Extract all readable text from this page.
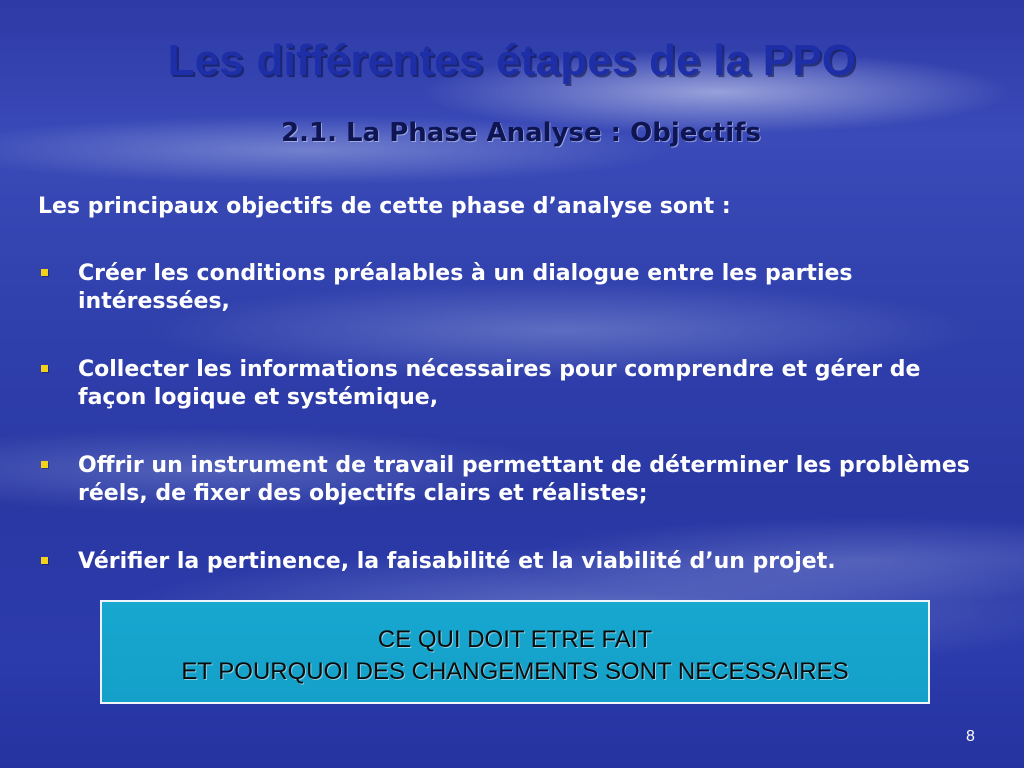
Les différentes étapes de la PPO
2.1. La Phase Analyse : Objectifs

Les principaux objectifs de cette phase d’analyse sont :

Créer les conditions préalables à un dialogue entre les parties intéressées,
Collecter les informations nécessaires pour comprendre et gérer de façon logique et systémique,
Offrir un instrument de travail permettant de déterminer les problèmes réels, de fixer des objectifs clairs et réalistes;
Vérifier la pertinence, la faisabilité et la viabilité d’un projet.
CE QUI DOIT ETRE FAIT
ET POURQUOI DES CHANGEMENTS SONT NECESSAIRES
8
